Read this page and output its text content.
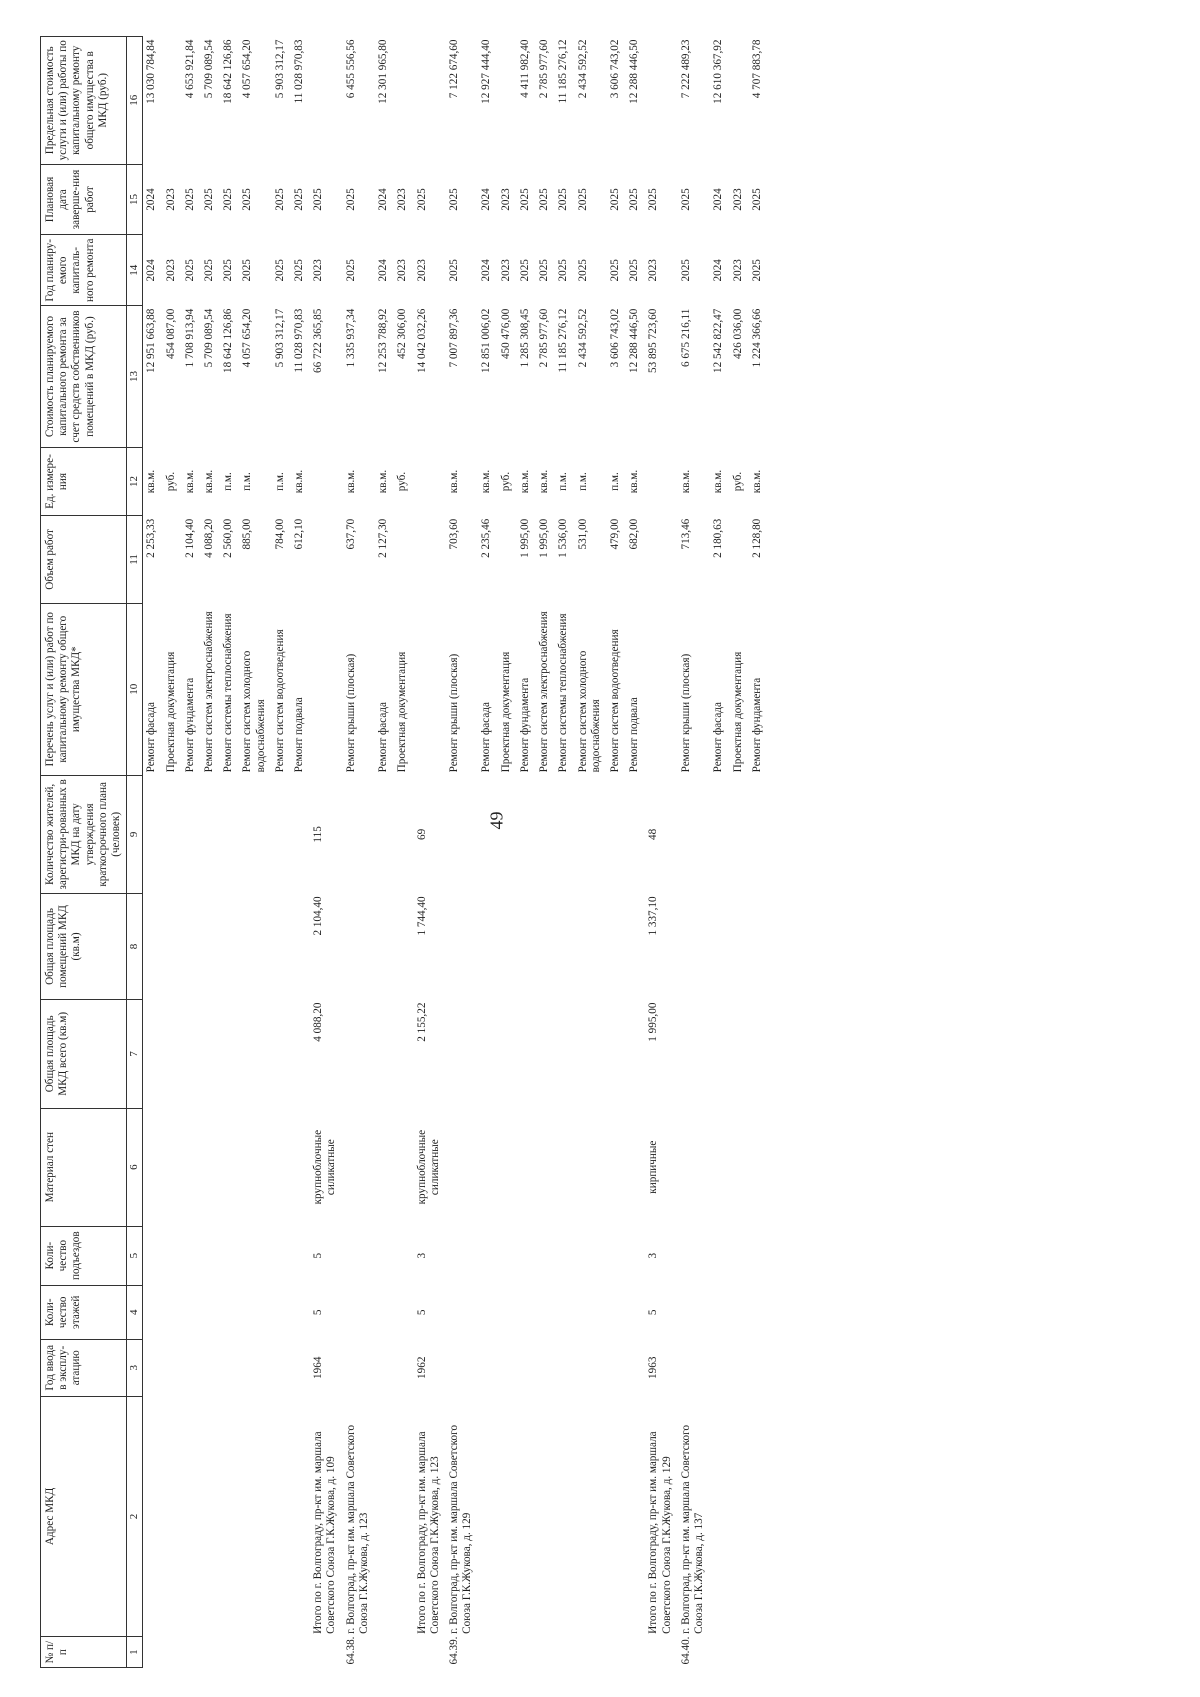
49
№ п/п	Адрес МКД	Год ввода в эксплу-атацию	Коли-чество этажей	Коли-чество подъездов	Материал стен	Общая площадь МКД всего (кв.м)	Общая площадь помещений МКД (кв.м)	Количество жителей, зарегистри-рованных в МКД на дату утверждения краткосрочного плана (человек)	Перечень услуг и (или) работ по капитальному ремонту общего имущества МКД*	Объем работ	Ед. измере-ния	Стоимость планируемого капитального ремонта за счет средств собственников помещений в МКД (руб.)	Год планиру-емого капиталь-ного ремонта	Плановая дата заверше-ния работ	Предельная стоимость услуги и (или) работы по капитальному ремонту общего имущества в МКД (руб.)
1	2	3	4	5	6	7	8	9	10	11	12	13	14	15	16
									Ремонт фасада	2 253,33	кв.м.	12 951 663,88	2024	2024	13 030 784,84
									Проектная документация		руб.	454 087,00	2023	2023	
									Ремонт фундамента	2 104,40	кв.м.	1 708 913,94	2025	2025	4 653 921,84
									Ремонт систем электроснабжения	4 088,20	кв.м.	5 709 089,54	2025	2025	5 709 089,54
									Ремонт системы теплоснабжения	2 560,00	п.м.	18 642 126,86	2025	2025	18 642 126,86
									Ремонт систем холодного водоснабжения	885,00	п.м.	4 057 654,20	2025	2025	4 057 654,20
									Ремонт систем водоотведения	784,00	п.м.	5 903 312,17	2025	2025	5 903 312,17
									Ремонт подвала	612,10	кв.м.	11 028 970,83	2025	2025	11 028 970,83
	Итого по г. Волгограду, пр-кт им. маршала Советского Союза Г.К.Жукова, д. 109	1964	5	5	крупноблочные силикатные	4 088,20	2 104,40	115				66 722 365,85	2023	2025	
64.38.	г. Волгоград, пр-кт им. маршала Советского Союза Г.К.Жукова, д. 123								Ремонт крыши (плоская)	637,70	кв.м.	1 335 937,34	2025	2025	6 455 556,56
									Ремонт фасада	2 127,30	кв.м.	12 253 788,92	2024	2024	12 301 965,80
									Проектная документация		руб.	452 306,00	2023	2023	
	Итого по г. Волгограду, пр-кт им. маршала Советского Союза Г.К.Жукова, д. 123	1962	5	3	крупноблочные силикатные	2 155,22	1 744,40	69				14 042 032,26	2023	2025	
64.39.	г. Волгоград, пр-кт им. маршала Советского Союза Г.К.Жукова, д. 129								Ремонт крыши (плоская)	703,60	кв.м.	7 007 897,36	2025	2025	7 122 674,60
									Ремонт фасада	2 235,46	кв.м.	12 851 006,02	2024	2024	12 927 444,40
									Проектная документация		руб.	450 476,00	2023	2023	
									Ремонт фундамента	1 995,00	кв.м.	1 285 308,45	2025	2025	4 411 982,40
									Ремонт систем электроснабжения	1 995,00	кв.м.	2 785 977,60	2025	2025	2 785 977,60
									Ремонт системы теплоснабжения	1 536,00	п.м.	11 185 276,12	2025	2025	11 185 276,12
									Ремонт систем холодного водоснабжения	531,00	п.м.	2 434 592,52	2025	2025	2 434 592,52
									Ремонт систем водоотведения	479,00	п.м.	3 606 743,02	2025	2025	3 606 743,02
									Ремонт подвала	682,00	кв.м.	12 288 446,50	2025	2025	12 288 446,50
	Итого по г. Волгограду, пр-кт им. маршала Советского Союза Г.К.Жукова, д. 129	1963	5	3	кирпичные	1 995,00	1 337,10	48				53 895 723,60	2023	2025	
64.40.	г. Волгоград, пр-кт им. маршала Советского Союза Г.К.Жукова, д. 137								Ремонт крыши (плоская)	713,46	кв.м.	6 675 216,11	2025	2025	7 222 489,23
									Ремонт фасада	2 180,63	кв.м.	12 542 822,47	2024	2024	12 610 367,92
									Проектная документация		руб.	426 036,00	2023	2023	
									Ремонт фундамента	2 128,80	кв.м.	1 224 366,66	2025	2025	4 707 883,78
